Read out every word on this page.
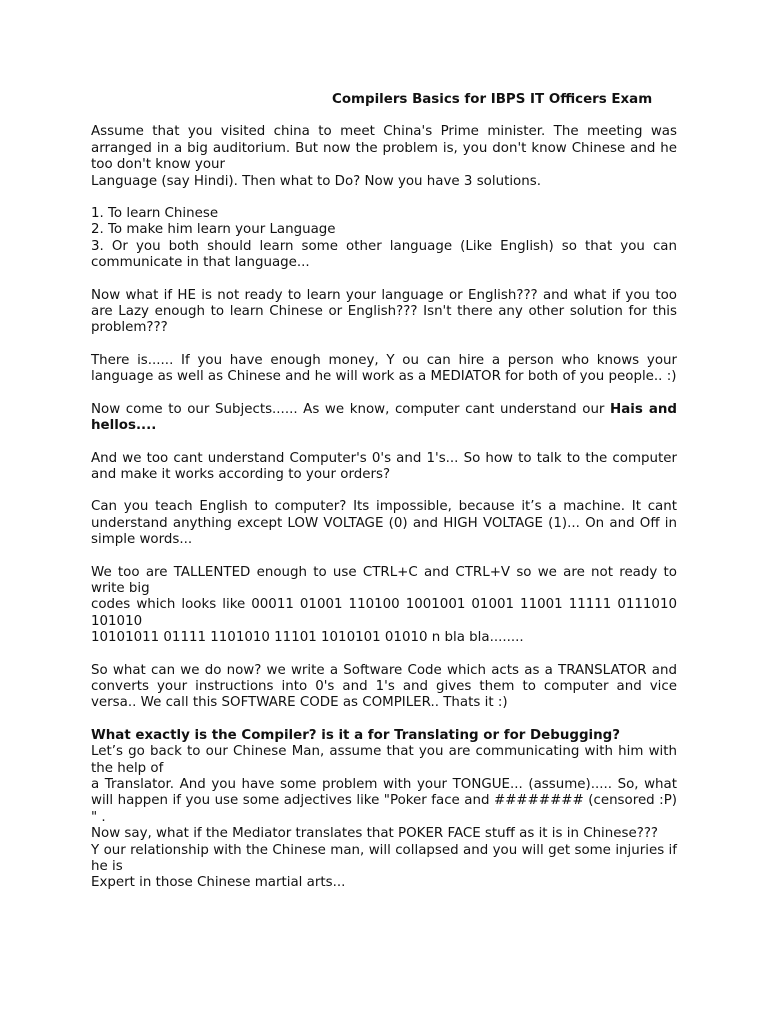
Compilers Basics for IBPS IT Officers Exam

Assume that you visited china to meet China's Prime minister. The meeting was arranged in a big auditorium. But now the problem is, you don't know Chinese and he too don't know your

Language (say Hindi). Then what to Do? Now you have 3 solutions.

1. To learn Chinese

2. To make him learn your Language

3. Or you both should learn some other language (Like English) so that you can communicate in that language...

Now what if HE is not ready to learn your language or English??? and what if you too are Lazy enough to learn Chinese or English??? Isn't there any other solution for this problem???

There is...... If you have enough money, Y ou can hire a person who knows your language as well as Chinese and he will work as a MEDIATOR for both of you people.. :)

Now come to our Subjects...... As we know, computer cant understand our Hais and hellos....

And we too cant understand Computer's 0's and 1's... So how to talk to the computer and make it works according to your orders?

Can you teach English to computer? Its impossible, because it’s a machine. It cant understand anything except LOW VOLTAGE (0) and HIGH VOLTAGE (1)... On and Off in simple words...

We too are TALLENTED enough to use CTRL+C and CTRL+V so we are not ready to write big

codes which looks like 00011 01001 110100 1001001 01001 11001 11111 0111010 101010

10101011 01111 1101010 11101 1010101 01010 n bla bla........

So what can we do now? we write a Software Code which acts as a TRANSLATOR and converts your instructions into 0's and 1's and gives them to computer and vice versa.. We call this SOFTWARE CODE as COMPILER.. Thats it :)

What exactly is the Compiler? is it a for Translating or for Debugging?

Let’s go back to our Chinese Man, assume that you are communicating with him with the help of

a Translator. And you have some problem with your TONGUE... (assume)..... So, what will happen if you use some adjectives like "Poker face and ######## (censored :P) " .

Now say, what if the Mediator translates that POKER FACE stuff as it is in Chinese???

Y our relationship with the Chinese man, will collapsed and you will get some injuries if he is

Expert in those Chinese martial arts...
